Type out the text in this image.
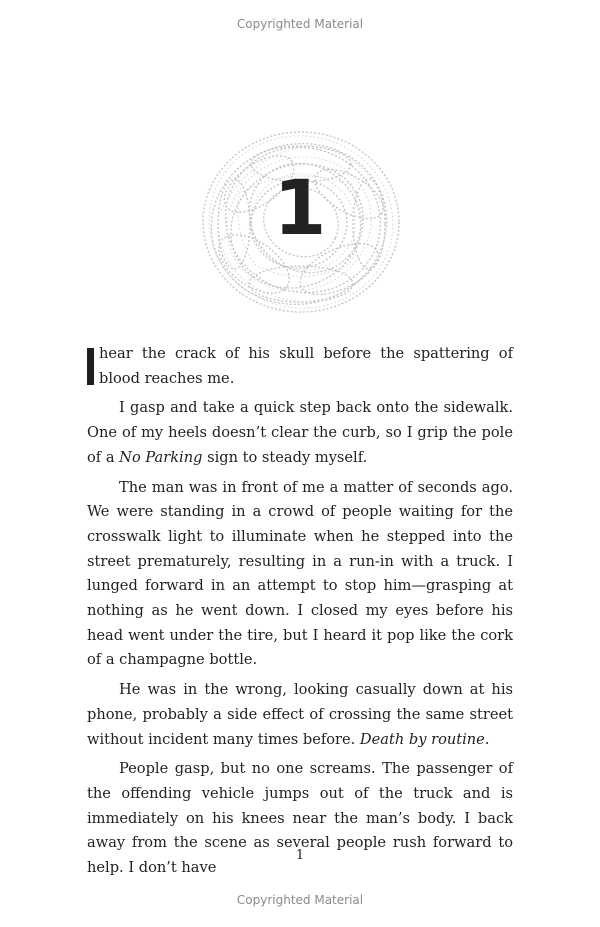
Copyrighted Material
1

hear the crack of his skull before the spattering of blood reaches me.

I gasp and take a quick step back onto the sidewalk. One of my heels doesn’t clear the curb, so I grip the pole of a No Parking sign to steady myself.

The man was in front of me a matter of seconds ago. We were standing in a crowd of people waiting for the crosswalk light to illuminate when he stepped into the street prematurely, resulting in a run-in with a truck. I lunged forward in an attempt to stop him—grasping at nothing as he went down. I closed my eyes before his head went under the tire, but I heard it pop like the cork of a champagne bottle.

He was in the wrong, looking casually down at his phone, probably a side effect of crossing the same street without incident many times before. Death by routine.

People gasp, but no one screams. The passenger of the offending vehicle jumps out of the truck and is immediately on his knees near the man’s body. I back away from the scene as several people rush forward to help. I don’t have

1
Copyrighted Material
